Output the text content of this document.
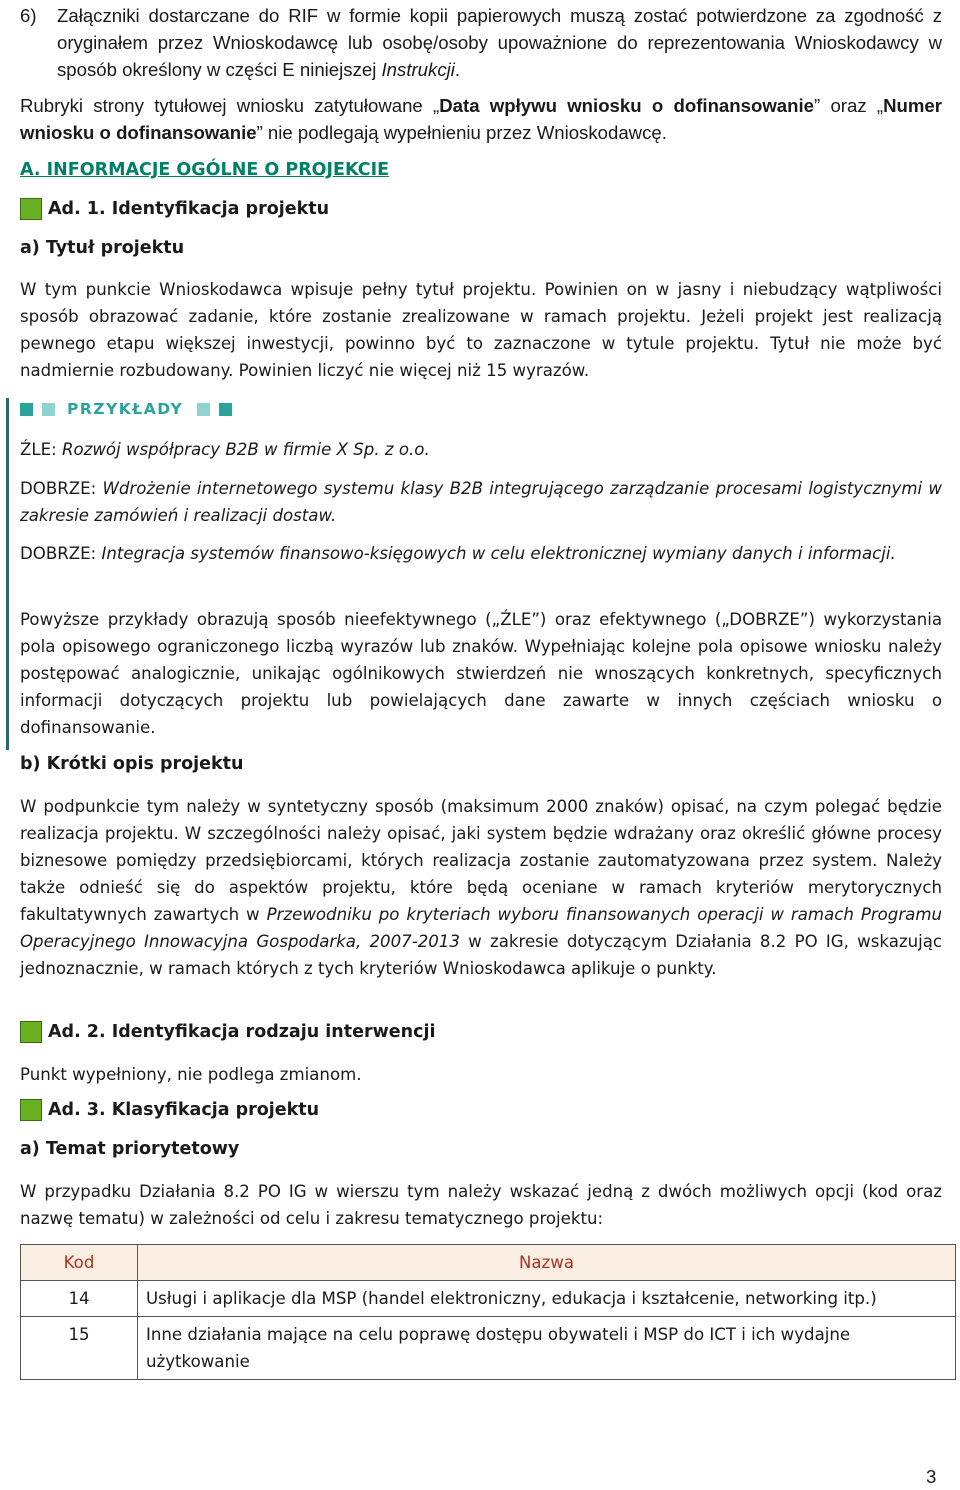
6) Załączniki dostarczane do RIF w formie kopii papierowych muszą zostać potwierdzone za zgodność z oryginałem przez Wnioskodawcę lub osobę/osoby upoważnione do reprezentowania Wnioskodawcy w sposób określony w części E niniejszej Instrukcji.

Rubryki strony tytułowej wniosku zatytułowane „Data wpływu wniosku o dofinansowanie” oraz „Numer wniosku o dofinansowanie” nie podlegają wypełnieniu przez Wnioskodawcę.

A. INFORMACJE OGÓLNE O PROJEKCIE
Ad. 1. Identyfikacja projektu
a) Tytuł projektu

W tym punkcie Wnioskodawca wpisuje pełny tytuł projektu. Powinien on w jasny i niebudzący wątpliwości sposób obrazować zadanie, które zostanie zrealizowane w ramach projektu. Jeżeli projekt jest realizacją pewnego etapu większej inwestycji, powinno być to zaznaczone w tytule projektu. Tytuł nie może być nadmiernie rozbudowany. Powinien liczyć nie więcej niż 15 wyrazów.

PRZYKŁADY

ŹLE: Rozwój współpracy B2B w firmie X Sp. z o.o.

DOBRZE: Wdrożenie internetowego systemu klasy B2B integrującego zarządzanie procesami logistycznymi w zakresie zamówień i realizacji dostaw.

DOBRZE: Integracja systemów finansowo-księgowych w celu elektronicznej wymiany danych i informacji.

Powyższe przykłady obrazują sposób nieefektywnego („ŹLE”) oraz efektywnego („DOBRZE”) wykorzystania pola opisowego ograniczonego liczbą wyrazów lub znaków. Wypełniając kolejne pola opisowe wniosku należy postępować analogicznie, unikając ogólnikowych stwierdzeń nie wnoszących konkretnych, specyficznych informacji dotyczących projektu lub powielających dane zawarte w innych częściach wniosku o dofinansowanie.

b) Krótki opis projektu

W podpunkcie tym należy w syntetyczny sposób (maksimum 2000 znaków) opisać, na czym polegać będzie realizacja projektu. W szczególności należy opisać, jaki system będzie wdrażany oraz określić główne procesy biznesowe pomiędzy przedsiębiorcami, których realizacja zostanie zautomatyzowana przez system. Należy także odnieść się do aspektów projektu, które będą oceniane w ramach kryteriów merytorycznych fakultatywnych zawartych w Przewodniku po kryteriach wyboru finansowanych operacji w ramach Programu Operacyjnego Innowacyjna Gospodarka, 2007-2013 w zakresie dotyczącym Działania 8.2 PO IG, wskazując jednoznacznie, w ramach których z tych kryteriów Wnioskodawca aplikuje o punkty.

Ad. 2. Identyfikacja rodzaju interwencji

Punkt wypełniony, nie podlega zmianom.

Ad. 3. Klasyfikacja projektu
a) Temat priorytetowy

W przypadku Działania 8.2 PO IG w wierszu tym należy wskazać jedną z dwóch możliwych opcji (kod oraz nazwę tematu) w zależności od celu i zakresu tematycznego projektu:

Kod	Nazwa
14	Usługi i aplikacje dla MSP (handel elektroniczny, edukacja i kształcenie, networking itp.)
15	Inne działania mające na celu poprawę dostępu obywateli i MSP do ICT i ich wydajne użytkowanie
3
